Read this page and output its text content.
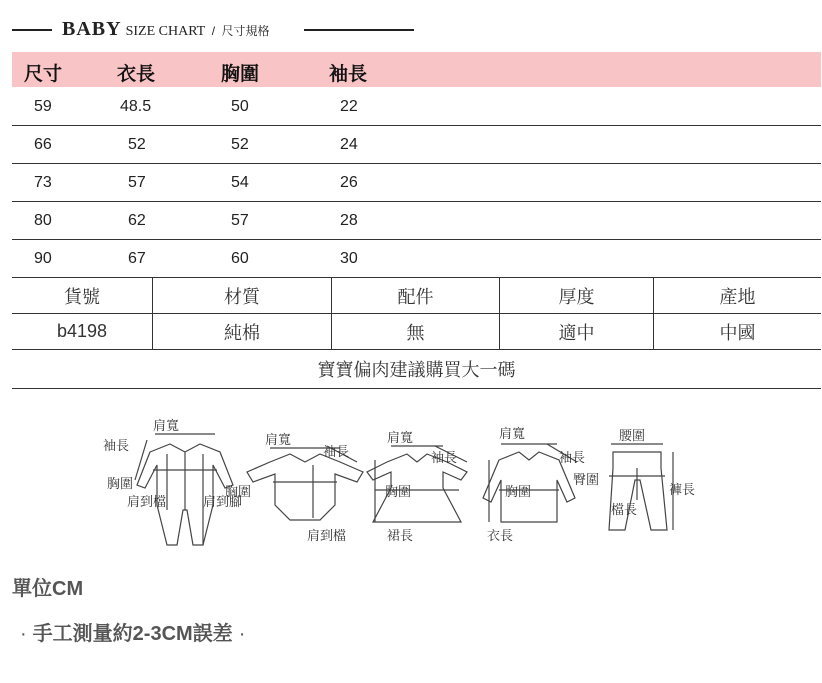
BABY SIZE CHART / 尺寸規格
尺寸	衣長	胸圍	袖長
59	48.5	50	22
66	52	52	24
73	57	54	26
80	62	57	28
90	67	60	30
貨號	材質	配件	厚度	產地
b4198	純棉	無	適中	中國
寶寶偏肉建議購買大一碼
肩寬
袖長
胸圍
肩到檔	肩到腳
肩寬
袖長
胸圍
肩到檔
肩寬
袖長
胸圍
裙長
肩寬
袖長
胸圍
衣長
腰圍
臀圍
檔長
褲長
單位CM
· 手工測量約2-3CM誤差 ·
